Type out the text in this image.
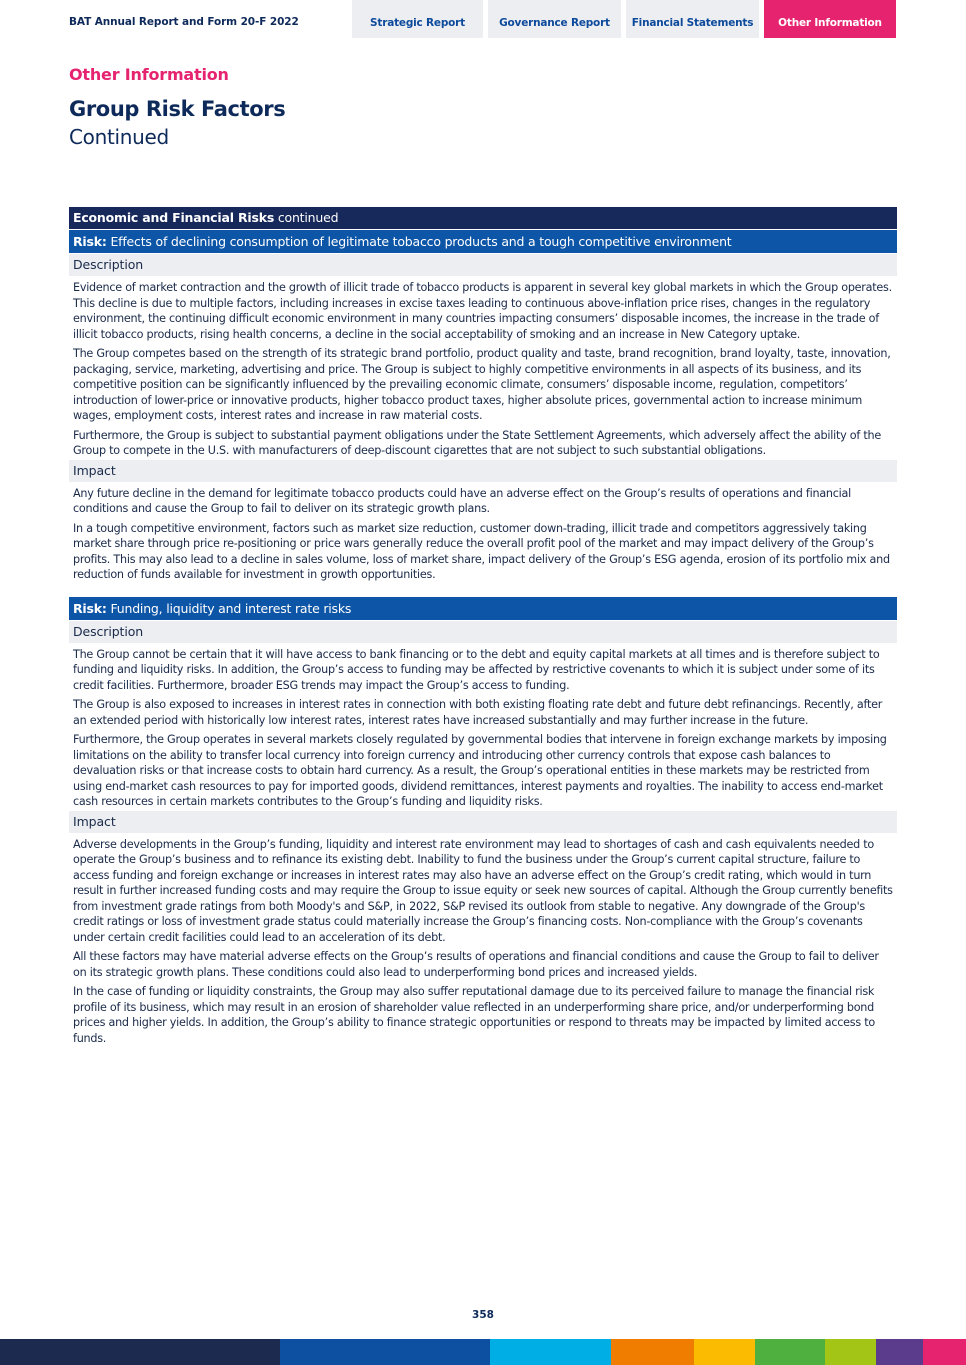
BAT Annual Report and Form 20-F 2022	Strategic Report	Governance Report	Financial Statements	Other Information
Other Information
Group Risk Factors
Continued
Economic and Financial Risks continued
Risk: Effects of declining consumption of legitimate tobacco products and a tough competitive environment
Description

Evidence of market contraction and the growth of illicit trade of tobacco products is apparent in several key global markets in which the Group operates. This decline is due to multiple factors, including increases in excise taxes leading to continuous above-inflation price rises, changes in the regulatory environment, the continuing difficult economic environment in many countries impacting consumers’ disposable incomes, the increase in the trade of illicit tobacco products, rising health concerns, a decline in the social acceptability of smoking and an increase in New Category uptake.

The Group competes based on the strength of its strategic brand portfolio, product quality and taste, brand recognition, brand loyalty, taste, innovation, packaging, service, marketing, advertising and price. The Group is subject to highly competitive environments in all aspects of its business, and its competitive position can be significantly influenced by the prevailing economic climate, consumers’ disposable income, regulation, competitors’ introduction of lower-price or innovative products, higher tobacco product taxes, higher absolute prices, governmental action to increase minimum wages, employment costs, interest rates and increase in raw material costs.

Furthermore, the Group is subject to substantial payment obligations under the State Settlement Agreements, which adversely affect the ability of the Group to compete in the U.S. with manufacturers of deep-discount cigarettes that are not subject to such substantial obligations.

Impact

Any future decline in the demand for legitimate tobacco products could have an adverse effect on the Group’s results of operations and financial conditions and cause the Group to fail to deliver on its strategic growth plans.

In a tough competitive environment, factors such as market size reduction, customer down-trading, illicit trade and competitors aggressively taking market share through price re-positioning or price wars generally reduce the overall profit pool of the market and may impact delivery of the Group’s profits. This may also lead to a decline in sales volume, loss of market share, impact delivery of the Group’s ESG agenda, erosion of its portfolio mix and reduction of funds available for investment in growth opportunities.

Risk: Funding, liquidity and interest rate risks
Description

The Group cannot be certain that it will have access to bank financing or to the debt and equity capital markets at all times and is therefore subject to funding and liquidity risks. In addition, the Group’s access to funding may be affected by restrictive covenants to which it is subject under some of its credit facilities. Furthermore, broader ESG trends may impact the Group’s access to funding.

The Group is also exposed to increases in interest rates in connection with both existing floating rate debt and future debt refinancings. Recently, after an extended period with historically low interest rates, interest rates have increased substantially and may further increase in the future.

Furthermore, the Group operates in several markets closely regulated by governmental bodies that intervene in foreign exchange markets by imposing limitations on the ability to transfer local currency into foreign currency and introducing other currency controls that expose cash balances to devaluation risks or that increase costs to obtain hard currency. As a result, the Group’s operational entities in these markets may be restricted from using end-market cash resources to pay for imported goods, dividend remittances, interest payments and royalties. The inability to access end-market cash resources in certain markets contributes to the Group’s funding and liquidity risks.

Impact

Adverse developments in the Group’s funding, liquidity and interest rate environment may lead to shortages of cash and cash equivalents needed to operate the Group’s business and to refinance its existing debt. Inability to fund the business under the Group’s current capital structure, failure to access funding and foreign exchange or increases in interest rates may also have an adverse effect on the Group’s credit rating, which would in turn result in further increased funding costs and may require the Group to issue equity or seek new sources of capital. Although the Group currently benefits from investment grade ratings from both Moody's and S&P, in 2022, S&P revised its outlook from stable to negative. Any downgrade of the Group's credit ratings or loss of investment grade status could materially increase the Group’s financing costs. Non-compliance with the Group’s covenants under certain credit facilities could lead to an acceleration of its debt.

All these factors may have material adverse effects on the Group’s results of operations and financial conditions and cause the Group to fail to deliver on its strategic growth plans. These conditions could also lead to underperforming bond prices and increased yields.

In the case of funding or liquidity constraints, the Group may also suffer reputational damage due to its perceived failure to manage the financial risk profile of its business, which may result in an erosion of shareholder value reflected in an underperforming share price, and/or underperforming bond prices and higher yields. In addition, the Group’s ability to finance strategic opportunities or respond to threats may be impacted by limited access to funds.

358
